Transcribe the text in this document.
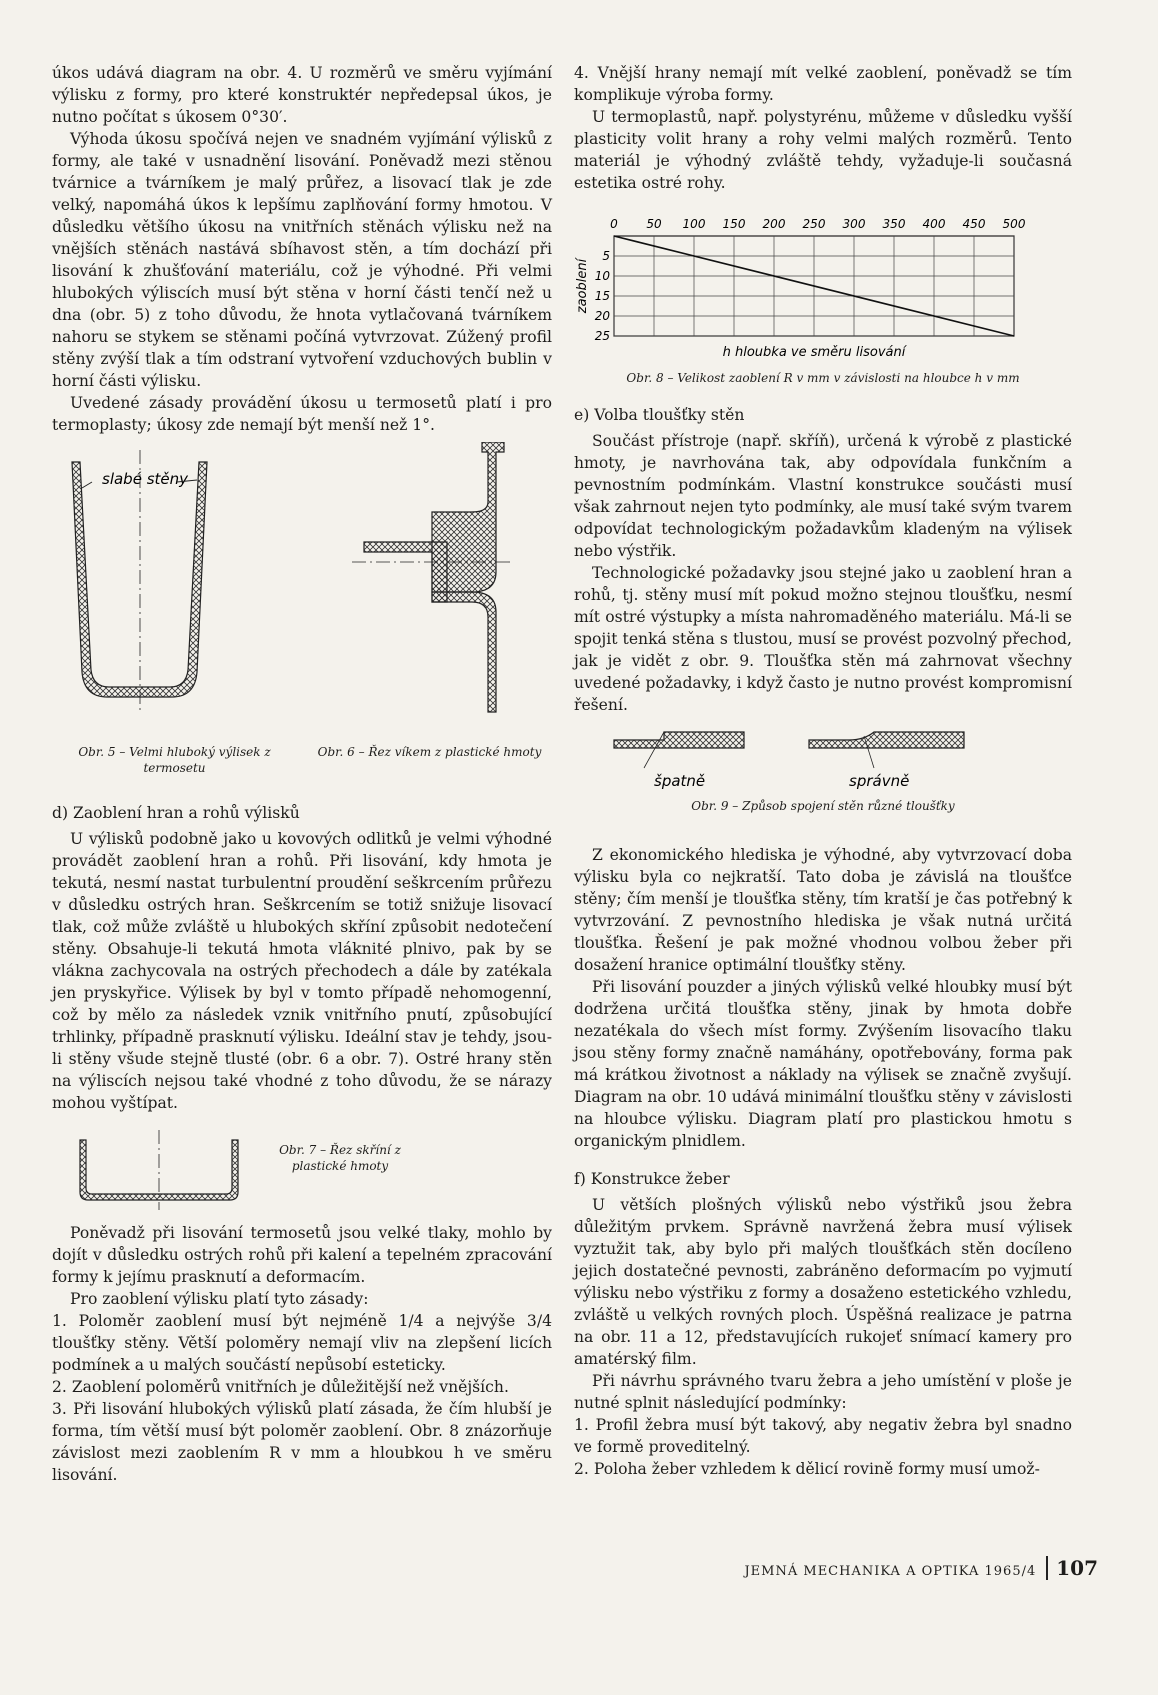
úkos udává diagram na obr. 4. U rozměrů ve směru vyjímání výlisku z formy, pro které konstruktér nepředepsal úkos, je nutno počítat s úkosem 0°30′.

Výhoda úkosu spočívá nejen ve snadném vyjímání výlisků z formy, ale také v usnadnění lisování. Poněvadž mezi stěnou tvárnice a tvárníkem je malý průřez, a lisovací tlak je zde velký, napomáhá úkos k lepšímu zaplňování formy hmotou. V důsledku většího úkosu na vnitřních stěnách výlisku než na vnějších stěnách nastává sbíhavost stěn, a tím dochází při lisování k zhušťování materiálu, což je výhodné. Při velmi hlubokých výliscích musí být stěna v horní části tenčí než u dna (obr. 5) z toho důvodu, že hnota vytlačovaná tvárníkem nahoru se stykem se stěnami počíná vytvrzovat. Zúžený profil stěny zvýší tlak a tím odstraní vytvoření vzduchových bublin v horní části výlisku.

Uvedené zásady provádění úkosu u termosetů platí i pro termoplasty; úkosy zde nemají být menší než 1°.

slabé stěny
Obr. 5 – Velmi hluboký výlisek z termosetu
Obr. 6 – Řez víkem z plastické hmoty

d) Zaoblení hran a rohů výlisků

U výlisků podobně jako u kovových odlitků je velmi výhodné provádět zaoblení hran a rohů. Při lisování, kdy hmota je tekutá, nesmí nastat turbulentní proudění seškrcením průřezu v důsledku ostrých hran. Seškrcením se totiž snižuje lisovací tlak, což může zvláště u hlubokých skříní způsobit nedotečení stěny. Obsahuje-li tekutá hmota vláknité plnivo, pak by se vlákna zachycovala na ostrých přechodech a dále by zatékala jen pryskyřice. Výlisek by byl v tomto případě nehomogenní, což by mělo za následek vznik vnitřního pnutí, způsobující trhlinky, případně prasknutí výlisku. Ideální stav je tehdy, jsou-li stěny všude stejně tlusté (obr. 6 a obr. 7). Ostré hrany stěn na výliscích nejsou také vhodné z toho důvodu, že se nárazy mohou vyštípat.

Obr. 7 – Řez skříní z plastické hmoty

Poněvadž při lisování termosetů jsou velké tlaky, mohlo by dojít v důsledku ostrých rohů při kalení a tepelném zpracování formy k jejímu prasknutí a deformacím.

Pro zaoblení výlisku platí tyto zásady:

1. Poloměr zaoblení musí být nejméně 1/4 a nejvýše 3/4 tloušťky stěny. Větší poloměry nemají vliv na zlepšení licích podmínek a u malých součástí nepůsobí esteticky.

2. Zaoblení poloměrů vnitřních je důležitější než vnějších.

3. Při lisování hlubokých výlisků platí zásada, že čím hlubší je forma, tím větší musí být poloměr zaoblení. Obr. 8 znázorňuje závislost mezi zaoblením R v mm a hloubkou h ve směru lisování.

4. Vnější hrany nemají mít velké zaoblení, poněvadž se tím komplikuje výroba formy.

U termoplastů, např. polystyrénu, můžeme v důsledku vyšší plasticity volit hrany a rohy velmi malých rozměrů. Tento materiál je výhodný zvláště tehdy, vyžaduje-li současná estetika ostré rohy.

0 50 100 150 200 250 300 350 400 450 500
5
10
15
20
25
h hloubka ve směru lisování
zaoblení
Obr. 8 – Velikost zaoblení R v mm v závislosti na hloubce h v mm

e) Volba tloušťky stěn

Součást přístroje (např. skříň), určená k výrobě z plastické hmoty, je navrhována tak, aby odpovídala funkčním a pevnostním podmínkám. Vlastní konstrukce součásti musí však zahrnout nejen tyto podmínky, ale musí také svým tvarem odpovídat technologickým požadavkům kladeným na výlisek nebo výstřik.

Technologické požadavky jsou stejné jako u zaoblení hran a rohů, tj. stěny musí mít pokud možno stejnou tloušťku, nesmí mít ostré výstupky a místa nahromaděného materiálu. Má-li se spojit tenká stěna s tlustou, musí se provést pozvolný přechod, jak je vidět z obr. 9. Tloušťka stěn má zahrnovat všechny uvedené požadavky, i když často je nutno provést kompromisní řešení.

špatně	správně
Obr. 9 – Způsob spojení stěn různé tloušťky

Z ekonomického hlediska je výhodné, aby vytvrzovací doba výlisku byla co nejkratší. Tato doba je závislá na tloušťce stěny; čím menší je tloušťka stěny, tím kratší je čas potřebný k vytvrzování. Z pevnostního hlediska je však nutná určitá tloušťka. Řešení je pak možné vhodnou volbou žeber při dosažení hranice optimální tloušťky stěny.

Při lisování pouzder a jiných výlisků velké hloubky musí být dodržena určitá tloušťka stěny, jinak by hmota dobře nezatékala do všech míst formy. Zvýšením lisovacího tlaku jsou stěny formy značně namáhány, opotřebovány, forma pak má krátkou životnost a náklady na výlisek se značně zvyšují. Diagram na obr. 10 udává minimální tloušťku stěny v závislosti na hloubce výlisku. Diagram platí pro plastickou hmotu s organickým plnidlem.

f) Konstrukce žeber

U větších plošných výlisků nebo výstřiků jsou žebra důležitým prvkem. Správně navržená žebra musí výlisek vyztužit tak, aby bylo při malých tloušťkách stěn docíleno jejich dostatečné pevnosti, zabráněno deformacím po vyjmutí výlisku nebo výstřiku z formy a dosaženo estetického vzhledu, zvláště u velkých rovných ploch. Úspěšná realizace je patrna na obr. 11 a 12, představujících rukojeť snímací kamery pro amatérský film.

Při návrhu správného tvaru žebra a jeho umístění v ploše je nutné splnit následující podmínky:

1. Profil žebra musí být takový, aby negativ žebra byl snadno ve formě proveditelný.

2. Poloha žeber vzhledem k dělicí rovině formy musí umož-

JEMNÁ MECHANIKA A OPTIKA 1965/4 107
